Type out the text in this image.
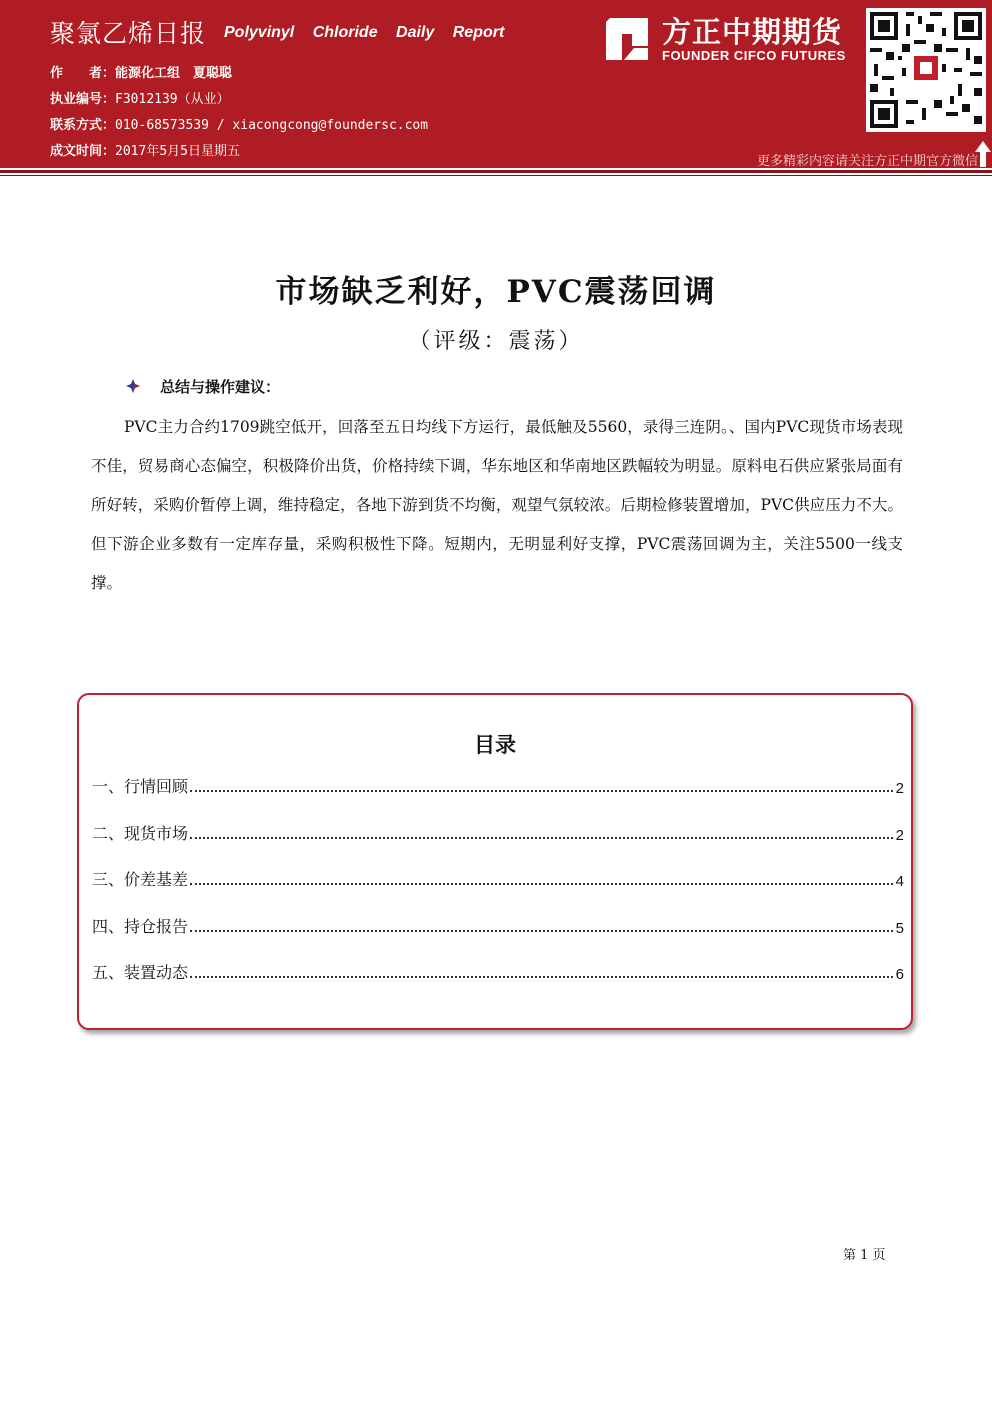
聚氯乙烯日报 Polyvinyl Chloride Daily Report
作　　者：能源化工组　夏聪聪
执业编号：F3012139（从业）
联系方式：010-68573539 / xiacongcong@foundersc.com
成文时间：2017年5月5日星期五
方正中期期货
FOUNDER CIFCO FUTURES
更多精彩内容请关注方正中期官方微信
市场缺乏利好，PVC震荡回调
（评级：震荡）
总结与操作建议：
PVC主力合约1709跳空低开，回落至五日均线下方运行，最低触及5560，录得三连阴。、国内PVC现货市场表现不佳，贸易商心态偏空，积极降价出货，价格持续下调，华东地区和华南地区跌幅较为明显。原料电石供应紧张局面有所好转，采购价暂停上调，维持稳定，各地下游到货不均衡，观望气氛较浓。后期检修装置增加，PVC供应压力不大。但下游企业多数有一定库存量，采购积极性下降。短期内，无明显利好支撑，PVC震荡回调为主，关注5500一线支撑。
目录
一、行情回顾	2
二、现货市场	2
三、价差基差	4
四、持仓报告	5
五、装置动态	6
第 1 页
